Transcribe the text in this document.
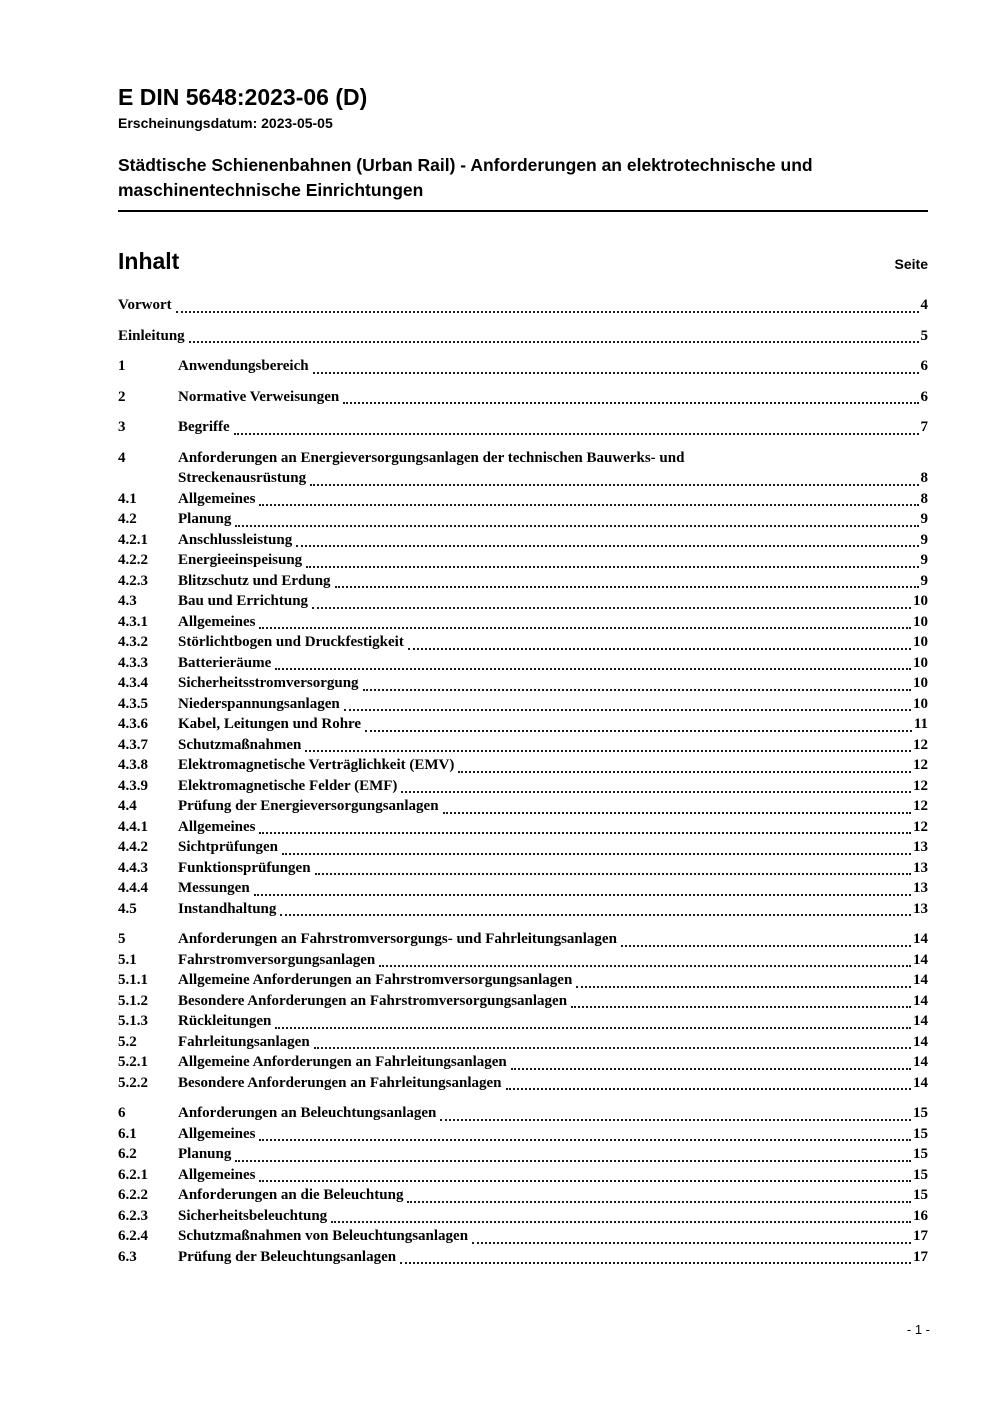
E DIN 5648:2023-06 (D)
Erscheinungsdatum: 2023-05-05
Städtische Schienenbahnen (Urban Rail) - Anforderungen an elektrotechnische und maschinentechnische Einrichtungen
Inhalt	Seite
Vorwort	4
Einleitung	5
1	Anwendungsbereich	6
2	Normative Verweisungen	6
3	Begriffe	7
4	Anforderungen an Energieversorgungsanlagen der technischen Bauwerks- und
Streckenausrüstung	8
4.1	Allgemeines	8
4.2	Planung	9
4.2.1	Anschlussleistung	9
4.2.2	Energieeinspeisung	9
4.2.3	Blitzschutz und Erdung	9
4.3	Bau und Errichtung	10
4.3.1	Allgemeines	10
4.3.2	Störlichtbogen und Druckfestigkeit	10
4.3.3	Batterieräume	10
4.3.4	Sicherheitsstromversorgung	10
4.3.5	Niederspannungsanlagen	10
4.3.6	Kabel, Leitungen und Rohre	11
4.3.7	Schutzmaßnahmen	12
4.3.8	Elektromagnetische Verträglichkeit (EMV)	12
4.3.9	Elektromagnetische Felder (EMF)	12
4.4	Prüfung der Energieversorgungsanlagen	12
4.4.1	Allgemeines	12
4.4.2	Sichtprüfungen	13
4.4.3	Funktionsprüfungen	13
4.4.4	Messungen	13
4.5	Instandhaltung	13
5	Anforderungen an Fahrstromversorgungs- und Fahrleitungsanlagen	14
5.1	Fahrstromversorgungsanlagen	14
5.1.1	Allgemeine Anforderungen an Fahrstromversorgungsanlagen	14
5.1.2	Besondere Anforderungen an Fahrstromversorgungsanlagen	14
5.1.3	Rückleitungen	14
5.2	Fahrleitungsanlagen	14
5.2.1	Allgemeine Anforderungen an Fahrleitungsanlagen	14
5.2.2	Besondere Anforderungen an Fahrleitungsanlagen	14
6	Anforderungen an Beleuchtungsanlagen	15
6.1	Allgemeines	15
6.2	Planung	15
6.2.1	Allgemeines	15
6.2.2	Anforderungen an die Beleuchtung	15
6.2.3	Sicherheitsbeleuchtung	16
6.2.4	Schutzmaßnahmen von Beleuchtungsanlagen	17
6.3	Prüfung der Beleuchtungsanlagen	17
- 1 -
